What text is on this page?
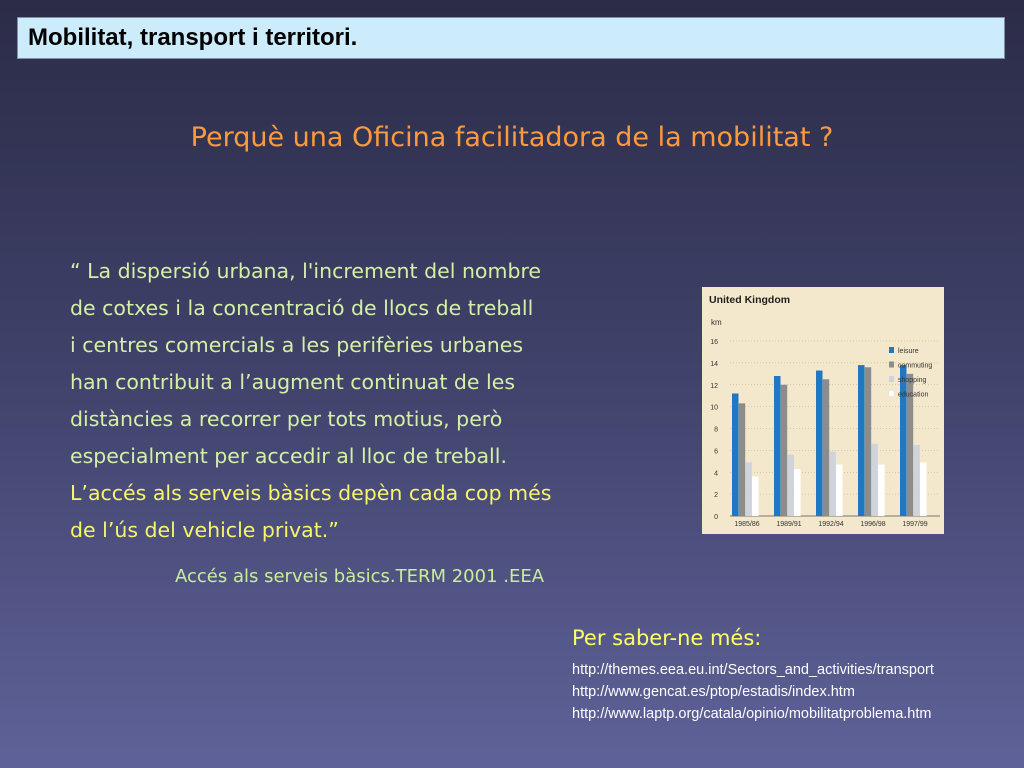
Mobilitat, transport i territori.
Perquè una Oficina facilitadora de la mobilitat ?
“ La dispersió urbana, l'increment del nombre
de cotxes i la concentració de llocs de treball
i centres comercials a les perifèries urbanes
han contribuit a l’augment continuat de les
distàncies a recorrer per tots motius, però
especialment per accedir al lloc de treball.
L’accés als serveis bàsics depèn cada cop més
de l’ús del vehicle privat.”
Accés als serveis bàsics.TERM 2001 .EEA
United Kingdom
km
0
2
4
6
8
10
12
14
16
1985/86 1989/91 1992/94 1996/98 1997/99
leisure
commuting
shopping
education
Per saber-ne més:
http://themes.eea.eu.int/Sectors_and_activities/transport
http://www.gencat.es/ptop/estadis/index.htm
http://www.laptp.org/catala/opinio/mobilitatproblema.htm
